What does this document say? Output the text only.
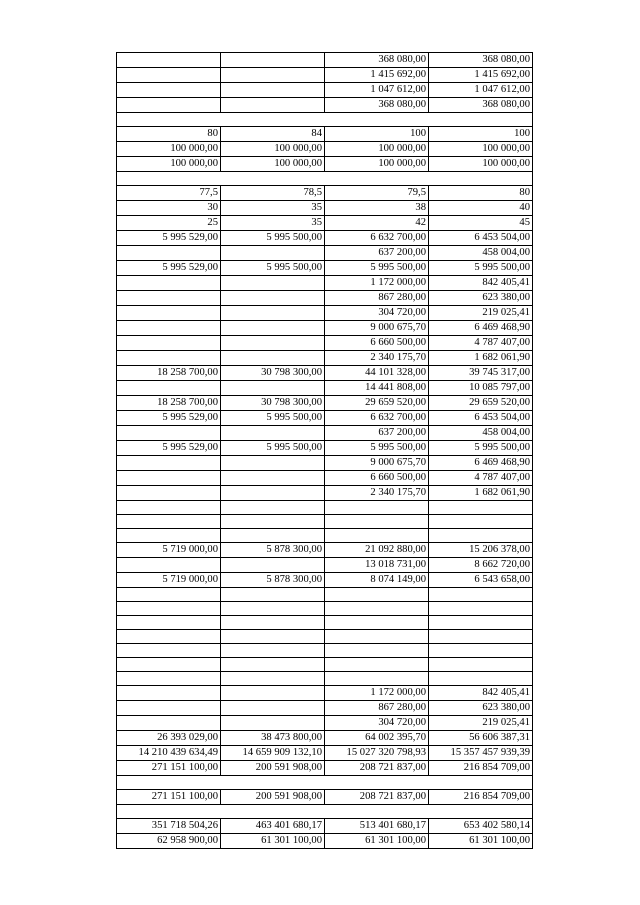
		368 080,00	368 080,00
		1 415 692,00	1 415 692,00
		1 047 612,00	1 047 612,00
		368 080,00	368 080,00

80	84	100	100
100 000,00	100 000,00	100 000,00	100 000,00
100 000,00	100 000,00	100 000,00	100 000,00

77,5	78,5	79,5	80
30	35	38	40
25	35	42	45
5 995 529,00	5 995 500,00	6 632 700,00	6 453 504,00
		637 200,00	458 004,00
5 995 529,00	5 995 500,00	5 995 500,00	5 995 500,00
		1 172 000,00	842 405,41
		867 280,00	623 380,00
		304 720,00	219 025,41
		9 000 675,70	6 469 468,90
		6 660 500,00	4 787 407,00
		2 340 175,70	1 682 061,90
18 258 700,00	30 798 300,00	44 101 328,00	39 745 317,00
		14 441 808,00	10 085 797,00
18 258 700,00	30 798 300,00	29 659 520,00	29 659 520,00
5 995 529,00	5 995 500,00	6 632 700,00	6 453 504,00
		637 200,00	458 004,00
5 995 529,00	5 995 500,00	5 995 500,00	5 995 500,00
		9 000 675,70	6 469 468,90
		6 660 500,00	4 787 407,00
		2 340 175,70	1 682 061,90

5 719 000,00	5 878 300,00	21 092 880,00	15 206 378,00
		13 018 731,00	8 662 720,00
5 719 000,00	5 878 300,00	8 074 149,00	6 543 658,00

		1 172 000,00	842 405,41
		867 280,00	623 380,00
		304 720,00	219 025,41
26 393 029,00	38 473 800,00	64 002 395,70	56 606 387,31
14 210 439 634,49	14 659 909 132,10	15 027 320 798,93	15 357 457 939,39
271 151 100,00	200 591 908,00	208 721 837,00	216 854 709,00

271 151 100,00	200 591 908,00	208 721 837,00	216 854 709,00

351 718 504,26	463 401 680,17	513 401 680,17	653 402 580,14
62 958 900,00	61 301 100,00	61 301 100,00	61 301 100,00
